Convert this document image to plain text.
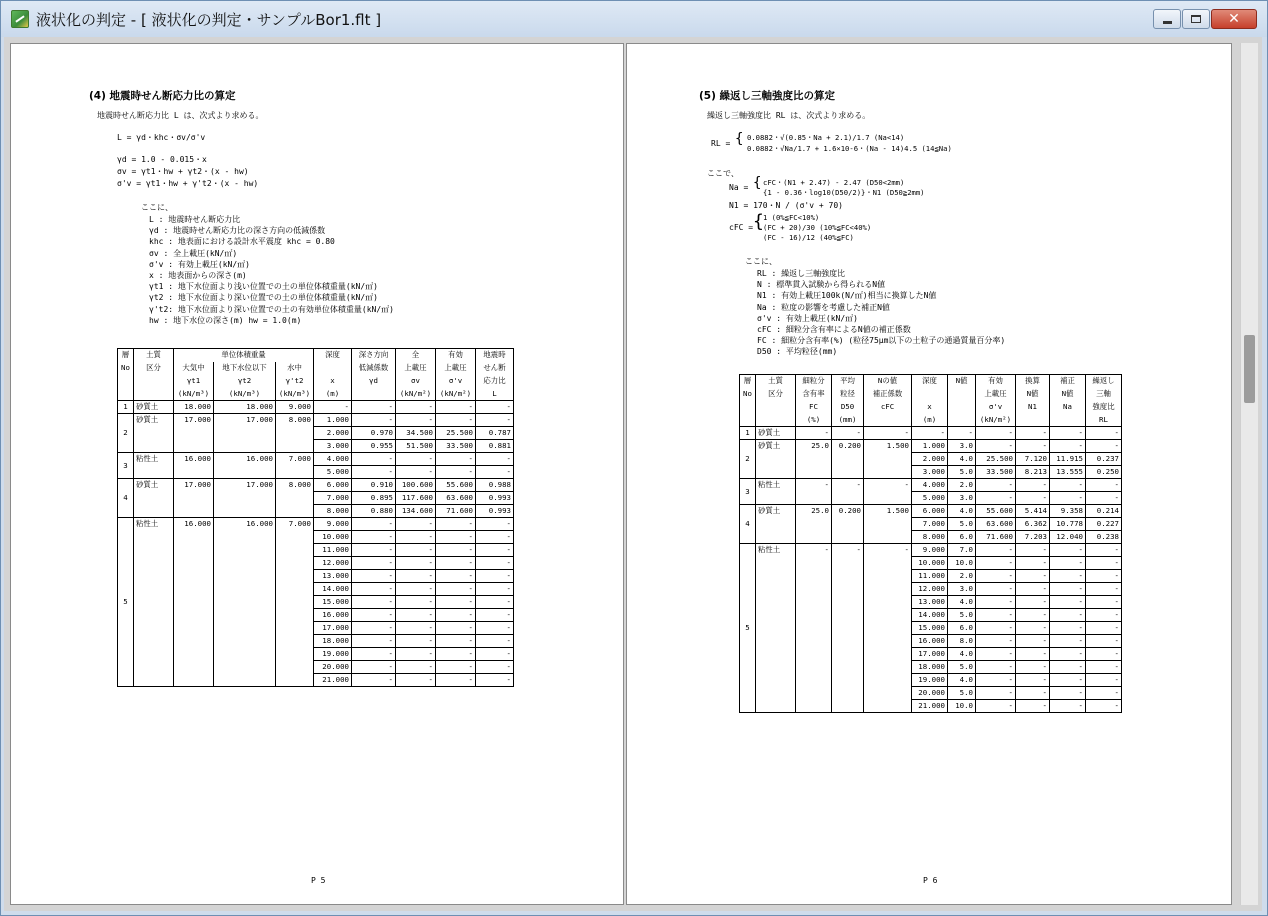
液状化の判定 - [ 液状化の判定・サンプルBor1.flt ]	✕
(4) 地震時せん断応力比の算定
地震時せん断応力比 L は、次式より求める。
L = γd・khc・σv/σ'v
γd = 1.0 - 0.015・x
σv = γt1・hw + γt2・(x - hw)
σ'v = γt1・hw + γ't2・(x - hw)
ここに、
L : 地震時せん断応力比
γd : 地震時せん断応力比の深さ方向の低減係数
khc : 地表面における設計水平震度 khc = 0.80
σv : 全上載圧(kN/㎡)
σ'v : 有効上載圧(kN/㎡)
x : 地表面からの深さ(m)
γt1 : 地下水位面より浅い位置での土の単位体積重量(kN/㎡)
γt2 : 地下水位面より深い位置での土の単位体積重量(kN/㎡)
γ't2: 地下水位面より深い位置での土の有効単位体積重量(kN/㎡)
hw : 地下水位の深さ(m) hw = 1.0(m)
層	土質	単位体積重量			深度	深さ方向	全	有効	地震時
No	区分	大気中	地下水位以下	水中		低減係数	上載圧	上載圧	せん断
		γt1	γt2	γ't2	x	γd	σv	σ'v	応力比
		(kN/m³)	(kN/m³)	(kN/m³)	(m)		(kN/m²)	(kN/m²)	L
1	砂質土	18.000	18.000	9.000	-	-	-	-	-
2	砂質土	17.000	17.000	8.000	1.000	-	-	-	-
					2.000	0.970	34.500	25.500	0.787
					3.000	0.955	51.500	33.500	0.881
3	粘性土	16.000	16.000	7.000	4.000	-	-	-	-
					5.000	-	-	-	-
4	砂質土	17.000	17.000	8.000	6.000	0.910	100.600	55.600	0.988
					7.000	0.895	117.600	63.600	0.993
					8.000	0.880	134.600	71.600	0.993
5	粘性土	16.000	16.000	7.000	9.000	-	-	-	-
					10.000	-	-	-	-
					11.000	-	-	-	-
					12.000	-	-	-	-
					13.000	-	-	-	-
					14.000	-	-	-	-
					15.000	-	-	-	-
					16.000	-	-	-	-
					17.000	-	-	-	-
					18.000	-	-	-	-
					19.000	-	-	-	-
					20.000	-	-	-	-
					21.000	-	-	-	-
P 5
(5) 繰返し三軸強度比の算定
繰返し三軸強度比 RL は、次式より求める。
RL = { 0.0882・√(0.85・Na + 2.1)/1.7 (Na<14)
0.0882・√Na/1.7 + 1.6×10-6・(Na - 14)4.5 (14≦Na)
ここで、
Na = { cFC・(N1 + 2.47) - 2.47 (D50<2mm)
{1 - 0.36・log10(D50/2)}・N1 (D50≧2mm)
N1 = 170・N / (σ'v + 70)
cFC = { 1 (0%≦FC<10%)
(FC + 20)/30 (10%≦FC<40%)
(FC - 16)/12 (40%≦FC)
ここに、
RL : 繰返し三軸強度比
N : 標準貫入試験から得られるN値
N1 : 有効上載圧100k(N/㎡)相当に換算したN値
Na : 粒度の影響を考慮した補正N値
σ'v : 有効上載圧(kN/㎡)
cFC : 細粒分含有率によるN値の補正係数
FC : 細粒分含有率(%) (粒径75μm以下の土粒子の通過質量百分率)
D50 : 平均粒径(mm)
層	土質	細粒分	平均	Nの値	深度	N値	有効	換算	補正	繰返し
No	区分	含有率	粒径	補正係数			上載圧	N値	N値	三軸
		FC	D50	cFC	x		σ'v	N1	Na	強度比
		(%)	(mm)		(m)		(kN/m²)			RL
1	砂質土	-	-	-	-	-	-	-	-	-
2	砂質土	25.0	0.200	1.500	1.000	3.0	-	-	-	-
					2.000	4.0	25.500	7.120	11.915	0.237
					3.000	5.0	33.500	8.213	13.555	0.250
3	粘性土	-	-	-	4.000	2.0	-	-	-	-
					5.000	3.0	-	-	-	-
4	砂質土	25.0	0.200	1.500	6.000	4.0	55.600	5.414	9.358	0.214
					7.000	5.0	63.600	6.362	10.778	0.227
					8.000	6.0	71.600	7.203	12.040	0.238
5	粘性土	-	-	-	9.000	7.0	-	-	-	-
					10.000	10.0	-	-	-	-
					11.000	2.0	-	-	-	-
					12.000	3.0	-	-	-	-
					13.000	4.0	-	-	-	-
					14.000	5.0	-	-	-	-
					15.000	6.0	-	-	-	-
					16.000	8.0	-	-	-	-
					17.000	4.0	-	-	-	-
					18.000	5.0	-	-	-	-
					19.000	4.0	-	-	-	-
					20.000	5.0	-	-	-	-
					21.000	10.0	-	-	-	-
P 6
